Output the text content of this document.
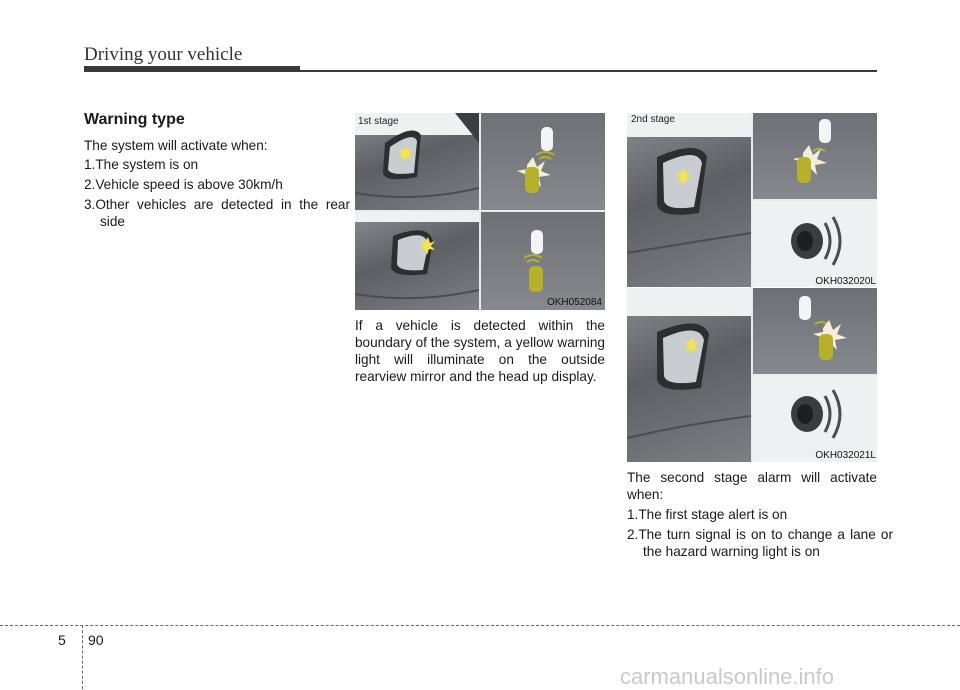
Driving your vehicle
Warning type
The system will activate when:
1.The system is on
2.Vehicle speed is above 30km/h
3.Other vehicles are detected in the rear side
1st stage
OKH052084
If a vehicle is detected within the boundary of the system, a yellow warning light will illuminate on the outside rearview mirror and the head up display.
2nd stage
OKH032020L
OKH032021L
The second stage alarm will activate when:
1.The first stage alert is on
2.The turn signal is on to change a lane or the hazard warning light is on
5 90
carmanualsonline.info
